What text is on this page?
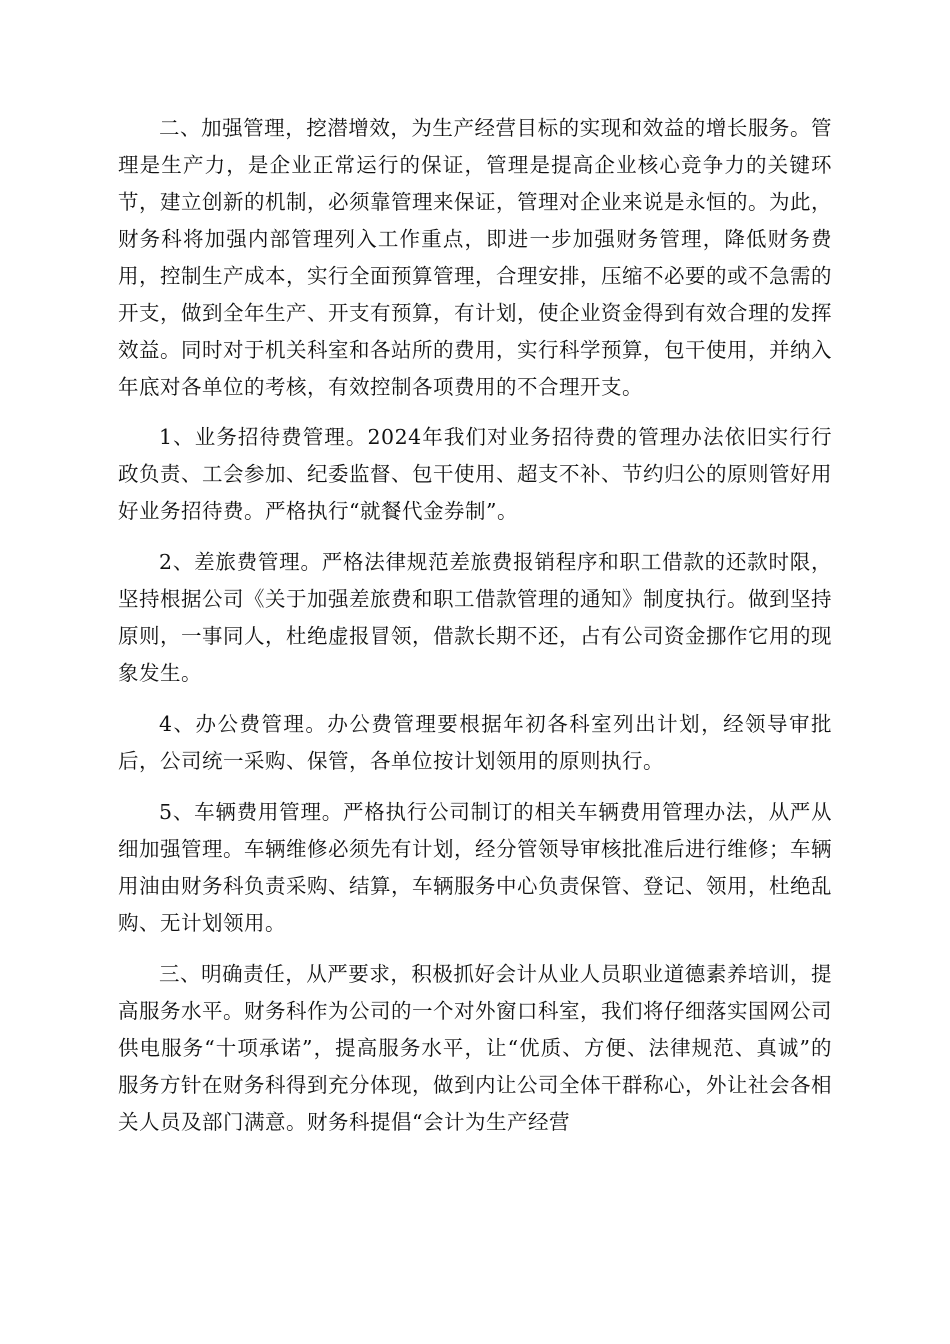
二、加强管理，挖潜增效，为生产经营目标的实现和效益的增长服务。管理是生产力，是企业正常运行的保证，管理是提高企业核心竞争力的关键环节，建立创新的机制，必须靠管理来保证，管理对企业来说是永恒的。为此，财务科将加强内部管理列入工作重点，即进一步加强财务管理，降低财务费用，控制生产成本，实行全面预算管理，合理安排，压缩不必要的或不急需的开支，做到全年生产、开支有预算，有计划，使企业资金得到有效合理的发挥效益。同时对于机关科室和各站所的费用，实行科学预算，包干使用，并纳入年底对各单位的考核，有效控制各项费用的不合理开支。

1、业务招待费管理。2024年我们对业务招待费的管理办法依旧实行行政负责、工会参加、纪委监督、包干使用、超支不补、节约归公的原则管好用好业务招待费。严格执行“就餐代金券制”。

2、差旅费管理。严格法律规范差旅费报销程序和职工借款的还款时限，坚持根据公司《关于加强差旅费和职工借款管理的通知》制度执行。做到坚持原则，一事同人，杜绝虚报冒领，借款长期不还，占有公司资金挪作它用的现象发生。

4、办公费管理。办公费管理要根据年初各科室列出计划，经领导审批后，公司统一采购、保管，各单位按计划领用的原则执行。

5、车辆费用管理。严格执行公司制订的相关车辆费用管理办法，从严从细加强管理。车辆维修必须先有计划，经分管领导审核批准后进行维修；车辆用油由财务科负责采购、结算，车辆服务中心负责保管、登记、领用，杜绝乱购、无计划领用。

三、明确责任，从严要求，积极抓好会计从业人员职业道德素养培训，提高服务水平。财务科作为公司的一个对外窗口科室，我们将仔细落实国网公司供电服务“十项承诺”，提高服务水平，让“优质、方便、法律规范、真诚”的服务方针在财务科得到充分体现，做到内让公司全体干群称心，外让社会各相关人员及部门满意。财务科提倡“会计为生产经营
